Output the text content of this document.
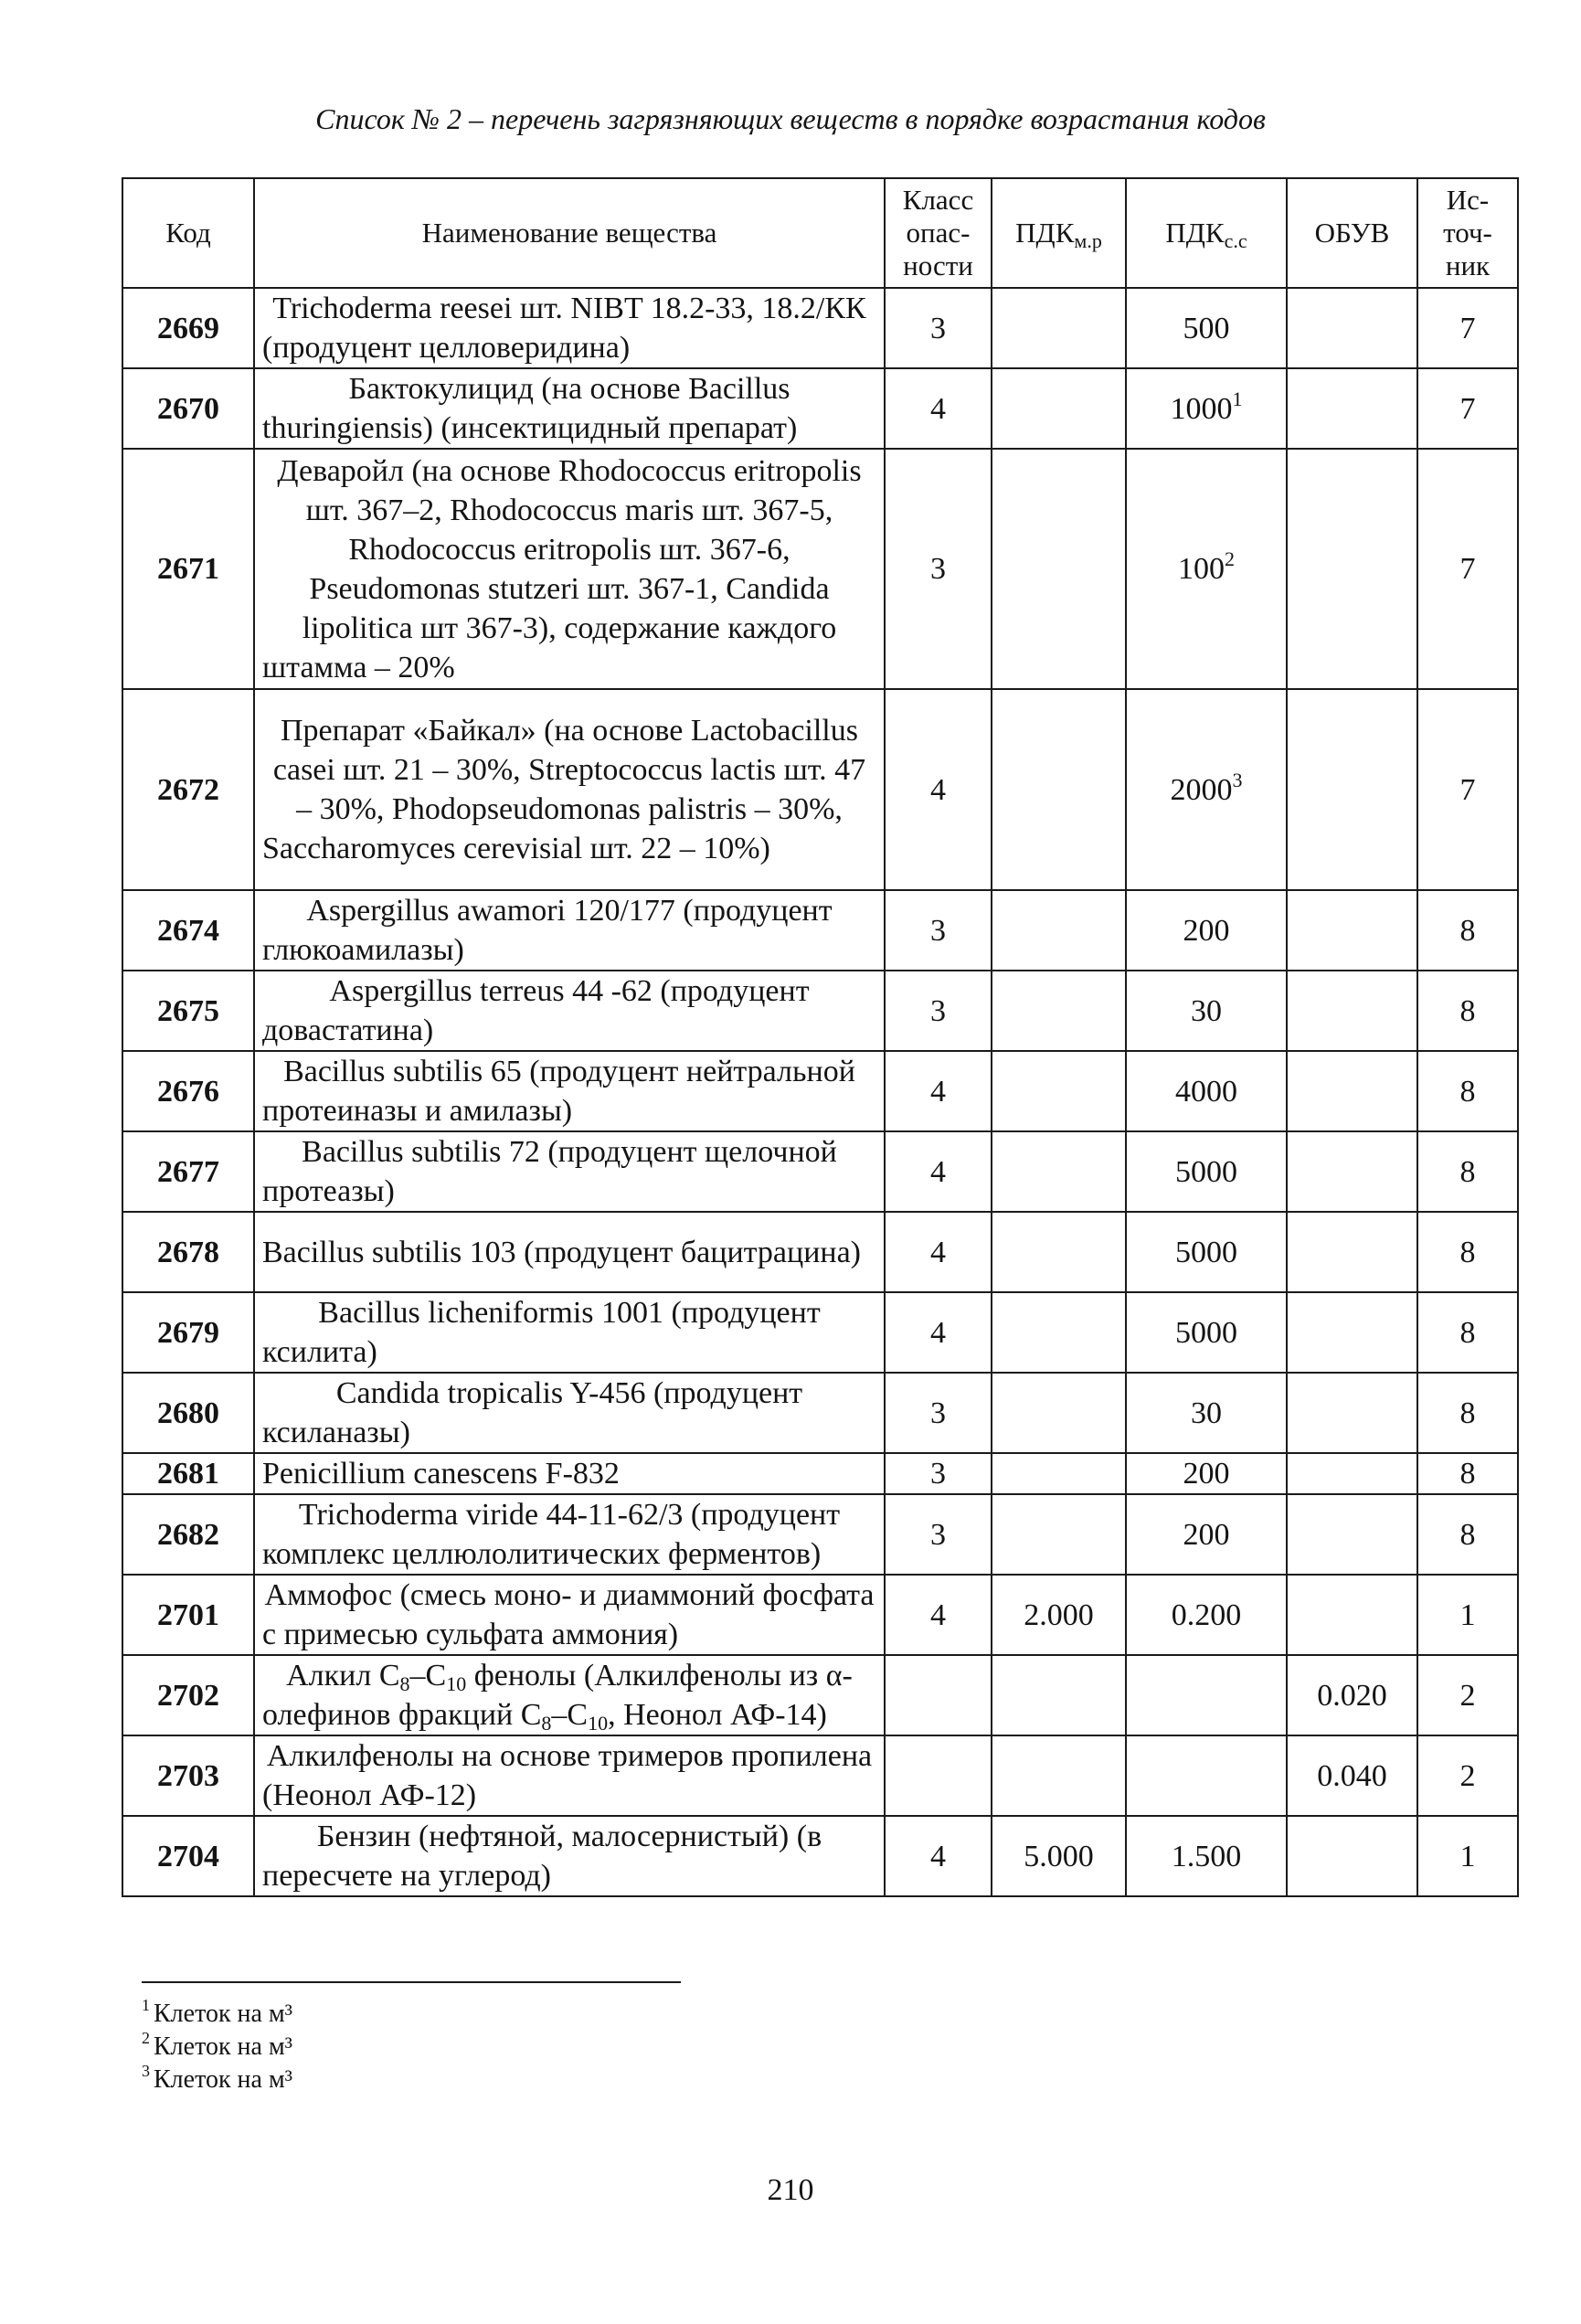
Список № 2 – перечень загрязняющих веществ в порядке возрастания кодов
Код	Наименование вещества	Класс опас- ности	$ПДК_{м.р}$	$ПДК_{с.с}$	ОБУВ	Ис- точ- ник
2669	Trichoderma reesei шт. NIBT 18.2-33, 18.2/КК (продуцент целловеридина)	3		500		7
2670	Бактокулицид (на основе Bacillus thuringiensis) (инсектицидный препарат)	4		1000$^1$		7
2671	Деваройл (на основе Rhodococcus eritropolis шт. 367–2, Rhodococcus maris шт. 367-5, Rhodococcus eritropolis шт. 367-6, Pseudomonas stutzeri шт. 367-1, Candida lipolitica шт 367-3), содержание каждого штамма – 20%	3		$100^2$		7
2672	Препарат «Байкал» (на основе Lactobacillus casei шт. 21 – 30%, Streptococcus lactis шт. 47 – 30%, Phodopseudomonas palistris – 30%, Saccharomyces cerevisial шт. 22 – 10%)	4		2000$^3$		7
2674	Aspergillus awamori 120/177 (продуцент глюкоамилазы)	3		200		8
2675	Aspergillus terreus 44 -62 (продуцент довастатина)	3		30		8
2676	Bacillus subtilis 65 (продуцент нейтральной протеиназы и амилазы)	4		4000		8
2677	Bacillus subtilis 72 (продуцент щелочной протеазы)	4		5000		8
2678	Bacillus subtilis 103 (продуцент бацитрацина)	4		5000		8
2679	Bacillus licheniformis 1001 (продуцент ксилита)	4		5000		8
2680	Candida tropicalis Y-456 (продуцент ксиланазы)	3		30		8
2681	Penicillium canescens F-832	3		200		8
2682	Trichoderma viride 44-11-62/3 (продуцент комплекс целлюлолитических ферментов)	3		200		8
2701	Аммофос (смесь моно- и диаммоний фосфата с примесью сульфата аммония)	4	2.000	0.200		1
2702	Алкил $C_8-C_{10}$ фенолы (Алкилфенолы из α-олефинов фракций $C_8-C_{10}$, Неонол АФ-14)				0.020	2
2703	Алкилфенолы на основе тримеров пропилена (Неонол АФ-12)				0.040	2
2704	Бензин (нефтяной, малосернистый) (в пересчете на углерод)	4	5.000	1.500		1
$^1$ Клеток на м³
$^2$ Клеток на м³
$^3$ Клеток на м³
210
